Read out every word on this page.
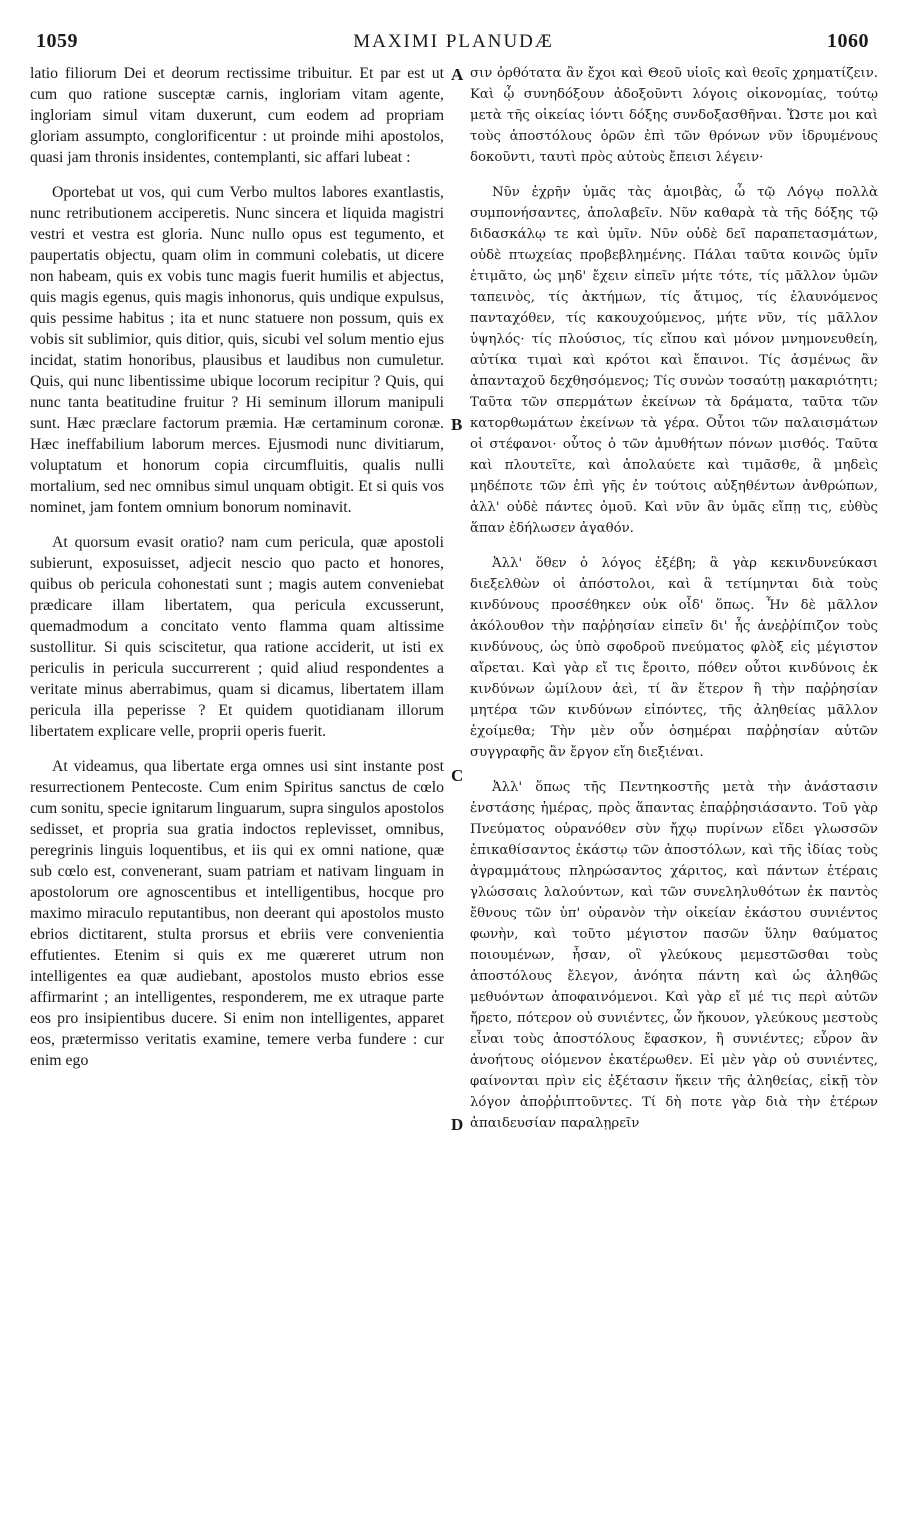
1059	MAXIMI PLANUDÆ	1060

latio filiorum Dei et deorum rectissime tribuitur. Et par est ut cum quo ratione susceptæ carnis, ingloriam vitam agente, ingloriam simul vitam duxerunt, cum eodem ad propriam gloriam assumpto, conglorificentur : ut proinde mihi apostolos, quasi jam thronis insidentes, contemplanti, sic affari lubeat :

Oportebat ut vos, qui cum Verbo multos labores exantlastis, nunc retributionem acciperetis. Nunc sincera et liquida magistri vestri et vestra est gloria. Nunc nullo opus est tegumento, et paupertatis objectu, quam olim in communi colebatis, ut dicere non habeam, quis ex vobis tunc magis fuerit humilis et abjectus, quis magis egenus, quis magis inhonorus, quis undique expulsus, quis pessime habitus ; ita et nunc statuere non possum, quis ex vobis sit sublimior, quis ditior, quis, sicubi vel solum mentio ejus incidat, statim honoribus, plausibus et laudibus non cumuletur. Quis, qui nunc libentissime ubique locorum recipitur ? Quis, qui nunc tanta beatitudine fruitur ? Hi seminum illorum manipuli sunt. Hæc præclare factorum præmia. Hæ certaminum coronæ. Hæc ineffabilium laborum merces. Ejusmodi nunc divitiarum, voluptatum et honorum copia circumfluitis, qualis nulli mortalium, sed nec omnibus simul unquam obtigit. Et si quis vos nominet, jam fontem omnium bonorum nominavit.

At quorsum evasit oratio? nam cum pericula, quæ apostoli subierunt, exposuisset, adjecit nescio quo pacto et honores, quibus ob pericula cohonestati sunt ; magis autem conveniebat prædicare illam libertatem, qua pericula excusserunt, quemadmodum a concitato vento flamma quam altissime sustollitur. Si quis sciscitetur, qua ratione acciderit, ut isti ex periculis in pericula succurrerent ; quid aliud respondentes a veritate minus aberrabimus, quam si dicamus, libertatem illam pericula illa peperisse ? Et quidem quotidianam illorum libertatem explicare velle, proprii operis fuerit.

At videamus, qua libertate erga omnes usi sint instante post resurrectionem Pentecoste. Cum enim Spiritus sanctus de cœlo cum sonitu, specie ignitarum linguarum, supra singulos apostolos sedisset, et propria sua gratia indoctos replevisset, omnibus, peregrinis linguis loquentibus, et iis qui ex omni natione, quæ sub cœlo est, convenerant, suam patriam et nativam linguam in apostolorum ore agnoscentibus et intelligentibus, hocque pro maximo miraculo reputantibus, non deerant qui apostolos musto ebrios dictitarent, stulta prorsus et ebriis vere convenientia effutientes. Etenim si quis ex me quæreret utrum non intelligentes ea quæ audiebant, apostolos musto ebrios esse affirmarint ; an intelligentes, responderem, me ex utraque parte eos pro insipientibus ducere. Si enim non intelligentes, apparet eos, prætermisso veritatis examine, temere verba fundere : cur enim ego

A
B
C
D

σιν ὀρθότατα ἂν ἔχοι καὶ Θεοῦ υἱοῖς καὶ θεοῖς χρηματίζειν. Καὶ ᾧ συνηδόξουν ἀδοξοῦντι λόγοις οἰκονομίας, τούτῳ μετὰ τῆς οἰκείας ἰόντι δόξης συνδοξασθῆναι. Ὥστε μοι καὶ τοὺς ἀποστόλους ὁρῶν ἐπὶ τῶν θρόνων νῦν ἱδρυμένους δοκοῦντι, ταυτὶ πρὸς αὐτοὺς ἔπεισι λέγειν·

Νῦν ἐχρῆν ὑμᾶς τὰς ἀμοιβὰς, ὦ τῷ Λόγῳ πολλὰ συμπονήσαντες, ἀπολαβεῖν. Νῦν καθαρὰ τὰ τῆς δόξης τῷ διδασκάλῳ τε καὶ ὑμῖν. Νῦν οὐδὲ δεῖ παραπετασμάτων, οὐδὲ πτωχείας προβεβλημένης. Πάλαι ταῦτα κοινῶς ὑμῖν ἐτιμᾶτο, ὡς μηδ' ἔχειν εἰπεῖν μήτε τότε, τίς μᾶλλον ὑμῶν ταπεινὸς, τίς ἀκτήμων, τίς ἄτιμος, τίς ἐλαυνόμενος πανταχόθεν, τίς κακουχούμενος, μήτε νῦν, τίς μᾶλλον ὑψηλός· τίς πλούσιος, τίς εἴπου καὶ μόνον μνημονευθείη, αὐτίκα τιμαὶ καὶ κρότοι καὶ ἔπαινοι. Τίς ἀσμένως ἂν ἁπανταχοῦ δεχθησόμενος; Τίς συνὼν τοσαύτῃ μακαριότητι; Ταῦτα τῶν σπερμάτων ἐκείνων τὰ δράματα, ταῦτα τῶν κατορθωμάτων ἐκείνων τὰ γέρα. Οὗτοι τῶν παλαισμάτων οἱ στέφανοι· οὗτος ὁ τῶν ἀμυθήτων πόνων μισθός. Ταῦτα καὶ πλουτεῖτε, καὶ ἀπολαύετε καὶ τιμᾶσθε, ἃ μηδεὶς μηδέποτε τῶν ἐπὶ γῆς ἐν τούτοις αὐξηθέντων ἀνθρώπων, ἀλλ' οὐδὲ πάντες ὁμοῦ. Καὶ νῦν ἂν ὑμᾶς εἴπῃ τις, εὐθὺς ἅπαν ἐδήλωσεν ἀγαθόν.

Ἀλλ' ὅθεν ὁ λόγος ἐξέβη; ἃ γὰρ κεκινδυνεύκασι διεξελθὼν οἱ ἀπόστολοι, καὶ ἃ τετίμηνται διὰ τοὺς κινδύνους προσέθηκεν οὐκ οἶδ' ὅπως. Ἦν δὲ μᾶλλον ἀκόλουθον τὴν παῤῥησίαν εἰπεῖν δι' ἧς ἀνεῤῥίπιζον τοὺς κινδύνους, ὡς ὑπὸ σφοδροῦ πνεύματος φλὸξ εἰς μέγιστον αἴρεται. Καὶ γὰρ εἴ τις ἔροιτο, πόθεν οὗτοι κινδύνοις ἐκ κινδύνων ὡμίλουν ἀεὶ, τί ἂν ἕτερον ἢ τὴν παῤῥησίαν μητέρα τῶν κινδύνων εἰπόντες, τῆς ἀληθείας μᾶλλον ἐχοίμεθα; Τὴν μὲν οὖν ὁσημέραι παῤῥησίαν αὐτῶν συγγραφῆς ἂν ἔργον εἴη διεξιέναι.

Ἀλλ' ὅπως τῆς Πεντηκοστῆς μετὰ τὴν ἀνάστασιν ἐνστάσης ἡμέρας, πρὸς ἅπαντας ἐπαῤῥησιάσαντο. Τοῦ γὰρ Πνεύματος οὐρανόθεν σὺν ἤχῳ πυρίνων εἴδει γλωσσῶν ἐπικαθίσαντος ἑκάστῳ τῶν ἀποστόλων, καὶ τῆς ἰδίας τοὺς ἀγραμμάτους πληρώσαντος χάριτος, καὶ πάντων ἑτέραις γλώσσαις λαλούντων, καὶ τῶν συνεληλυθότων ἐκ παντὸς ἔθνους τῶν ὑπ' οὐρανὸν τὴν οἰκείαν ἑκάστου συνιέντος φωνὴν, καὶ τοῦτο μέγιστον πασῶν ὕλην θαύματος ποιουμένων, ἦσαν, οἳ γλεύκους μεμεστῶσθαι τοὺς ἀποστόλους ἔλεγον, ἀνόητα πάντη καὶ ὡς ἀληθῶς μεθυόντων ἀποφαινόμενοι. Καὶ γὰρ εἴ μέ τις περὶ αὐτῶν ἤρετο, πότερον οὐ συνιέντες, ὧν ἤκουον, γλεύκους μεστοὺς εἶναι τοὺς ἀποστόλους ἔφασκον, ἢ συνιέντες; εὗρον ἂν ἀνοήτους οἰόμενον ἑκατέρωθεν. Εἰ μὲν γὰρ οὐ συνιέντες, φαίνονται πρὶν εἰς ἐξέτασιν ἥκειν τῆς ἀληθείας, εἰκῇ τὸν λόγον ἀποῤῥιπτοῦντες. Τί δὴ ποτε γὰρ διὰ τὴν ἑτέρων ἀπαιδευσίαν παραλῃρεῖν
